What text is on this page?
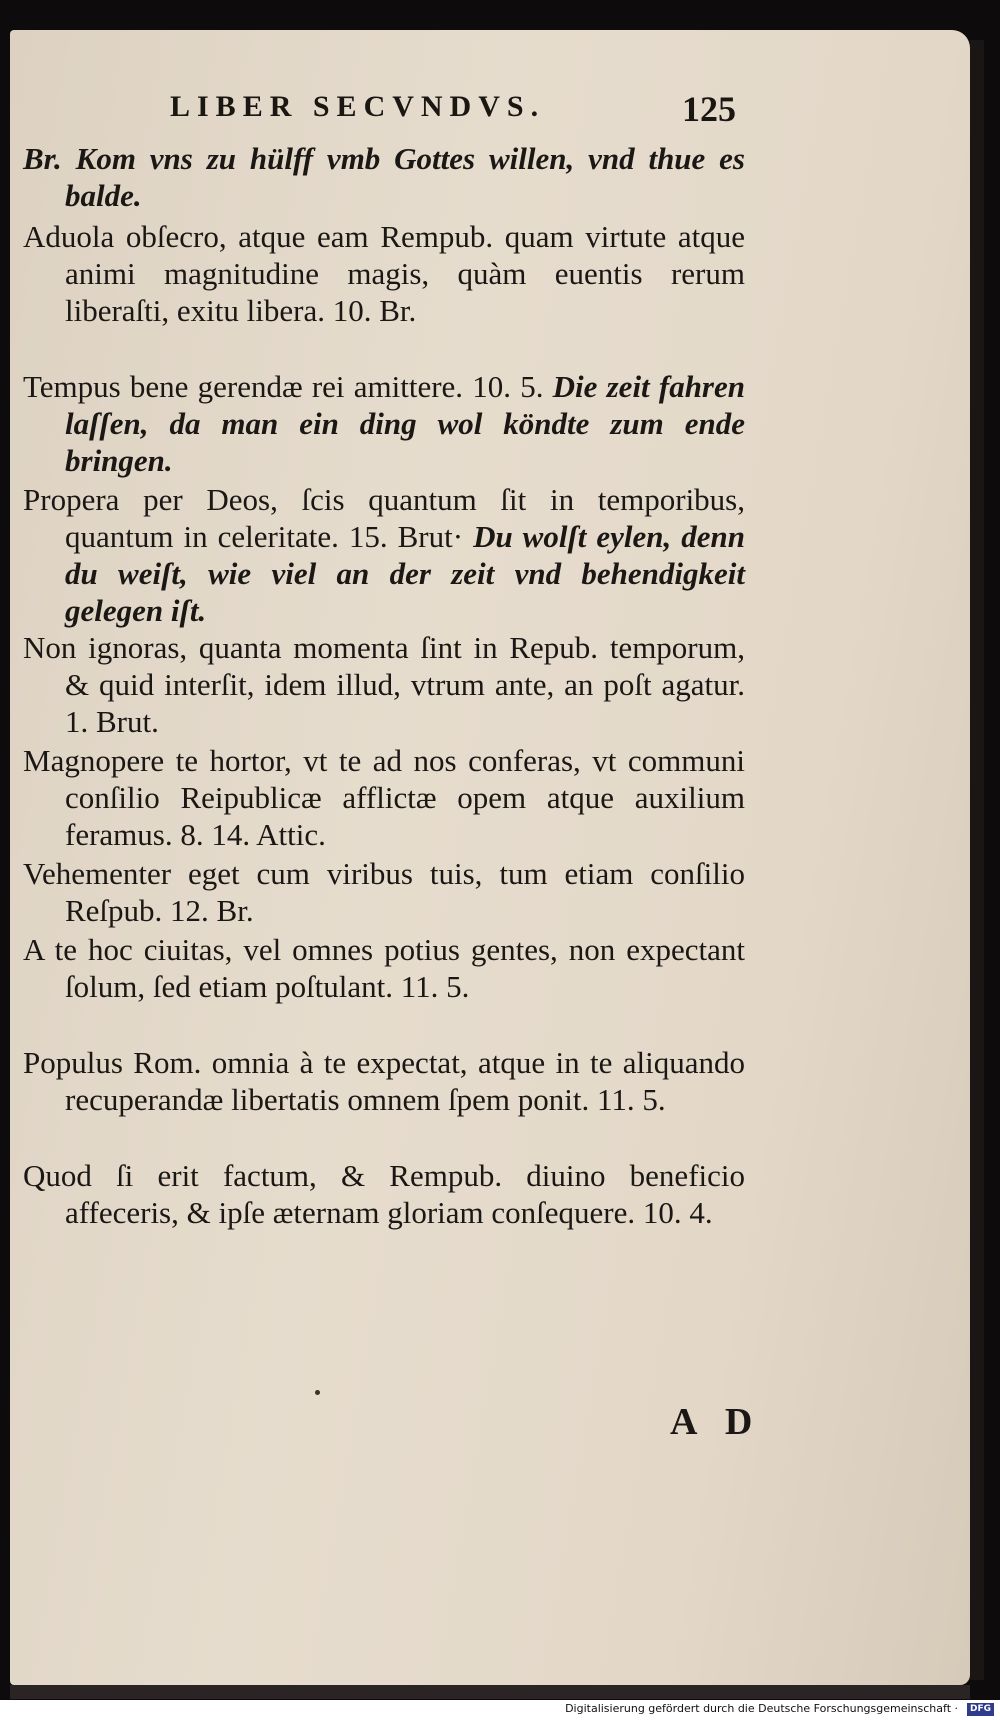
LIBER SECVNDVS.	125
Br. Kom vns zu hülff vmb Gottes willen, vnd thue es balde.
Aduola obſecro, atque eam Rempub. quam virtute atque animi magnitudine magis, quàm euentis rerum liberaſti, exitu libera. 10. Br.
Tempus bene gerendæ rei amittere. 10. 5. Die zeit fahren laſſen, da man ein ding wol köndte zum ende bringen.
Propera per Deos, ſcis quantum ſit in temporibus, quantum in celeritate. 15. Brut· Du wolſt eylen, denn du weiſt, wie viel an der zeit vnd behendigkeit gelegen iſt.
Non ignoras, quanta momenta ſint in Repub. temporum, & quid interſit, idem illud, vtrum ante, an poſt agatur. 1. Brut.
Magnopere te hortor, vt te ad nos conferas, vt communi conſilio Reipublicæ afflictæ opem atque auxilium feramus. 8. 14. Attic.
Vehementer eget cum viribus tuis, tum etiam conſilio Reſpub. 12. Br.
A te hoc ciuitas, vel omnes potius gentes, non expectant ſolum, ſed etiam poſtulant. 11. 5.
Populus Rom. omnia à te expectat, atque in te aliquando recuperandæ libertatis omnem ſpem ponit. 11. 5.
Quod ſi erit factum, & Rempub. diuino beneficio affeceris, & ipſe æternam gloriam conſequere. 10. 4.
A D
Digitalisierung gefördert durch die Deutsche Forschungsgemeinschaft ·	DFG
